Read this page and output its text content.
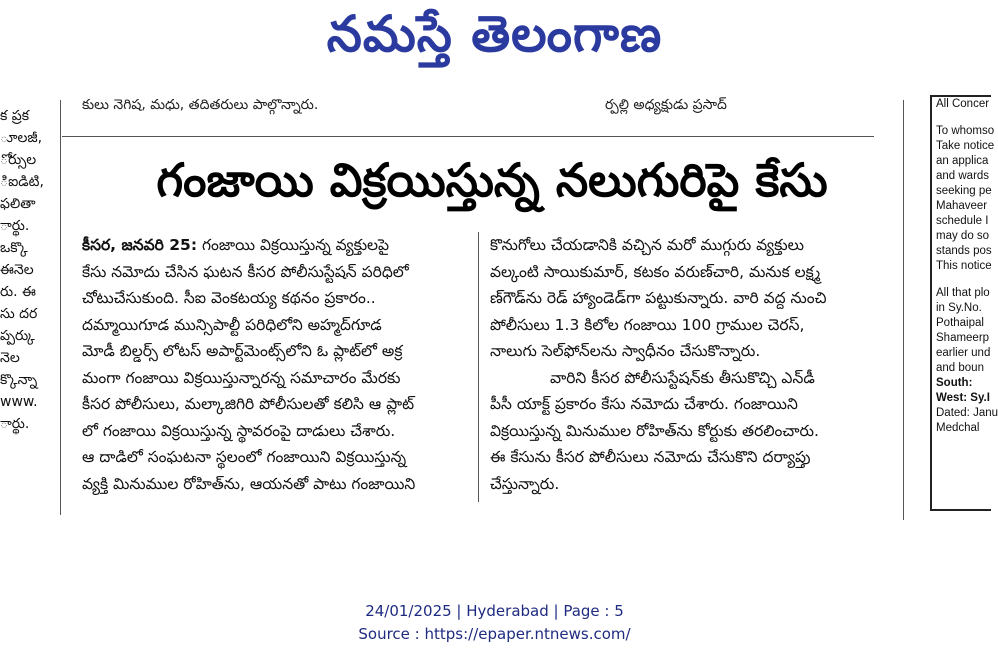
నమస్తే తెలంగాణ
క ప్రక
ూలజీ,
ోర్సుల
ిఐడిటి,
ఫలితా
ార్థు.
ఒక్కొ
ఈనెల
రు. ఈ
సు దర
ప్పర్కు
నెల
క్కొన్నా
www.
ార్థు.
కులు నెగిష, మధు, తదితరులు పాల్గొన్నారు.	ర్పల్లి అధ్యక్షుడు ప్రసాద్
గంజాయి విక్రయిస్తున్న నలుగురిపై కేసు
కీసర, జనవరి 25: గంజాయి విక్రయిస్తున్న వ్యక్తులపై
కేసు నమోదు చేసిన ఘటన కీసర పోలీసుస్టేషన్ పరిధిలో
చోటుచేసుకుంది. సీఐ వెంకటయ్య కథనం ప్రకారం..
దమ్మాయిగూడ మున్సిపాల్టీ పరిధిలోని అహ్మద్‌గూడ
మోడీ బిల్డర్స్ లోటస్ అపార్ట్‌మెంట్స్‌లోని ఓ ప్లాట్‌లో అక్ర
మంగా గంజాయి విక్రయిస్తున్నారన్న సమాచారం మేరకు
కీసర పోలీసులు, మల్కాజిగిరి పోలీసులతో కలిసి ఆ ప్లాట్
లో గంజాయి విక్రయిస్తున్న స్థావరంపై దాడులు చేశారు.
ఆ దాడిలో సంఘటనా స్థలంలో గంజాయిని విక్రయిస్తున్న
వ్యక్తి మినుముల రోహిత్‌ను, ఆయనతో పాటు గంజాయిని
కొనుగోలు చేయడానికి వచ్చిన మరో ముగ్గురు వ్యక్తులు
వల్కంటి సాయికుమార్, కటకం వరుణ్‌చారి, మనుక లక్ష్మ
ణ్‌గౌడ్‌ను రెడ్ హ్యాండెడ్‌గా పట్టుకున్నారు. వారి వద్ద నుంచి
పోలీసులు 1.3 కిలోల గంజాయి 100 గ్రాముల చెరస్,
నాలుగు సెల్‌ఫోన్‌లను స్వాధీనం చేసుకొన్నారు.
వారిని కీసర పోలీసుస్టేషన్‌కు తీసుకొచ్చి ఎన్‌డీ
పీసీ యాక్ట్ ప్రకారం కేసు నమోదు చేశారు. గంజాయిని
విక్రయిస్తున్న మినుముల రోహిత్‌ను కోర్టుకు తరలించారు.
ఈ కేసును కీసర పోలీసులు నమోదు చేసుకొని దర్యాప్తు
చేస్తున్నారు.
All Concer
To whomso
Take notice
an applica
and wards
seeking pe
Mahaveer
schedule I
may do so
stands pos
This notice
All that plo
in Sy.No.
Pothaipal
Shameerp
earlier und
and boun
South:
West: Sy.I
Dated: Janu
Medchal
24/01/2025 | Hyderabad | Page : 5
Source : https://epaper.ntnews.com/
